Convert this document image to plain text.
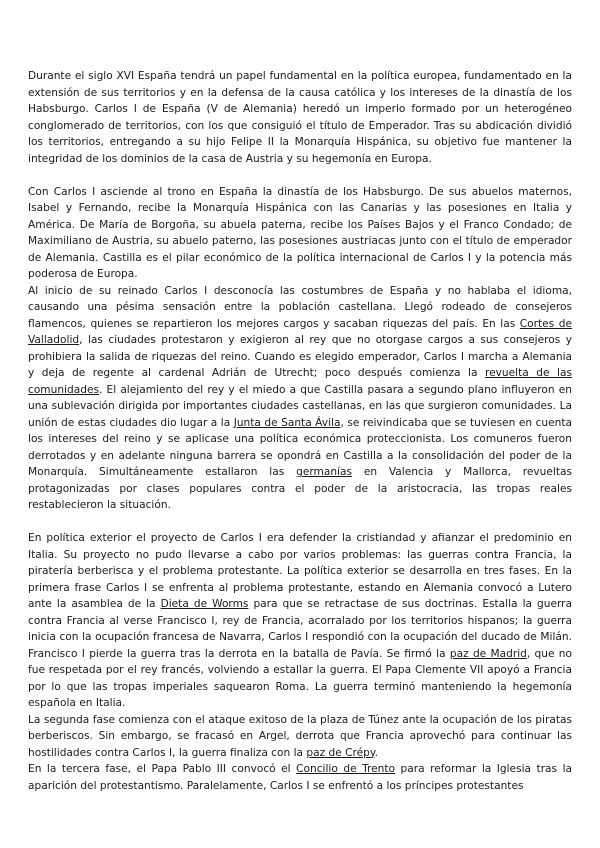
Durante el siglo XVI España tendrá un papel fundamental en la política europea, fundamentado en la extensión de sus territorios y en la defensa de la causa católica y los intereses de la dinastía de los Habsburgo. Carlos I de España (V de Alemania) heredó un imperio formado por un heterogéneo conglomerado de territorios, con los que consiguió el título de Emperador. Tras su abdicación dividió los territorios, entregando a su hijo Felipe II la Monarquía Hispánica, su objetivo fue mantener la integridad de los dominios de la casa de Austria y su hegemonía en Europa.

Con Carlos I asciende al trono en España la dinastía de los Habsburgo. De sus abuelos maternos, Isabel y Fernando, recibe la Monarquía Hispánica con las Canarias y las posesiones en Italia y América. De María de Borgoña, su abuela paterna, recibe los Países Bajos y el Franco Condado; de Maximiliano de Austria, su abuelo paterno, las posesiones austriacas junto con el título de emperador de Alemania. Castilla es el pilar económico de la política internacional de Carlos I y la potencia más poderosa de Europa.

Al inicio de su reinado Carlos I desconocía las costumbres de España y no hablaba el idioma, causando una pésima sensación entre la población castellana. Llegó rodeado de consejeros flamencos, quienes se repartieron los mejores cargos y sacaban riquezas del país. En las Cortes de Valladolid, las ciudades protestaron y exigieron al rey que no otorgase cargos a sus consejeros y prohibiera la salida de riquezas del reino. Cuando es elegido emperador, Carlos I marcha a Alemania y deja de regente al cardenal Adrián de Utrecht; poco después comienza la revuelta de las comunidades. El alejamiento del rey y el miedo a que Castilla pasara a segundo plano influyeron en una sublevación dirigida por importantes ciudades castellanas, en las que surgieron comunidades. La unión de estas ciudades dio lugar a la Junta de Santa Ávila, se reivindicaba que se tuviesen en cuenta los intereses del reino y se aplicase una política económica proteccionista. Los comuneros fueron derrotados y en adelante ninguna barrera se opondrá en Castilla a la consolidación del poder de la Monarquía. Simultáneamente estallaron las germanías en Valencia y Mallorca, revueltas protagonizadas por clases populares contra el poder de la aristocracia, las tropas reales restablecieron la situación.

En política exterior el proyecto de Carlos I era defender la cristiandad y afianzar el predominio en Italia. Su proyecto no pudo llevarse a cabo por varios problemas: las guerras contra Francia, la piratería berberisca y el problema protestante. La política exterior se desarrolla en tres fases. En la primera frase Carlos I se enfrenta al problema protestante, estando en Alemania convocó a Lutero ante la asamblea de la Dieta de Worms para que se retractase de sus doctrinas. Estalla la guerra contra Francia al verse Francisco I, rey de Francia, acorralado por los territorios hispanos; la guerra inicia con la ocupación francesa de Navarra, Carlos I respondió con la ocupación del ducado de Milán. Francisco I pierde la guerra tras la derrota en la batalla de Pavía. Se firmó la paz de Madrid, que no fue respetada por el rey francés, volviendo a estallar la guerra. El Papa Clemente VII apoyó a Francia por lo que las tropas imperiales saquearon Roma. La guerra terminó manteniendo la hegemonía española en Italia.

La segunda fase comienza con el ataque exitoso de la plaza de Túnez ante la ocupación de los piratas berberiscos. Sin embargo, se fracasó en Argel, derrota que Francia aprovechó para continuar las hostilidades contra Carlos I, la guerra finaliza con la paz de Crépy.

En la tercera fase, el Papa Pablo III convocó el Concilio de Trento para reformar la Iglesia tras la aparición del protestantismo. Paralelamente, Carlos I se enfrentó a los príncipes protestantes
